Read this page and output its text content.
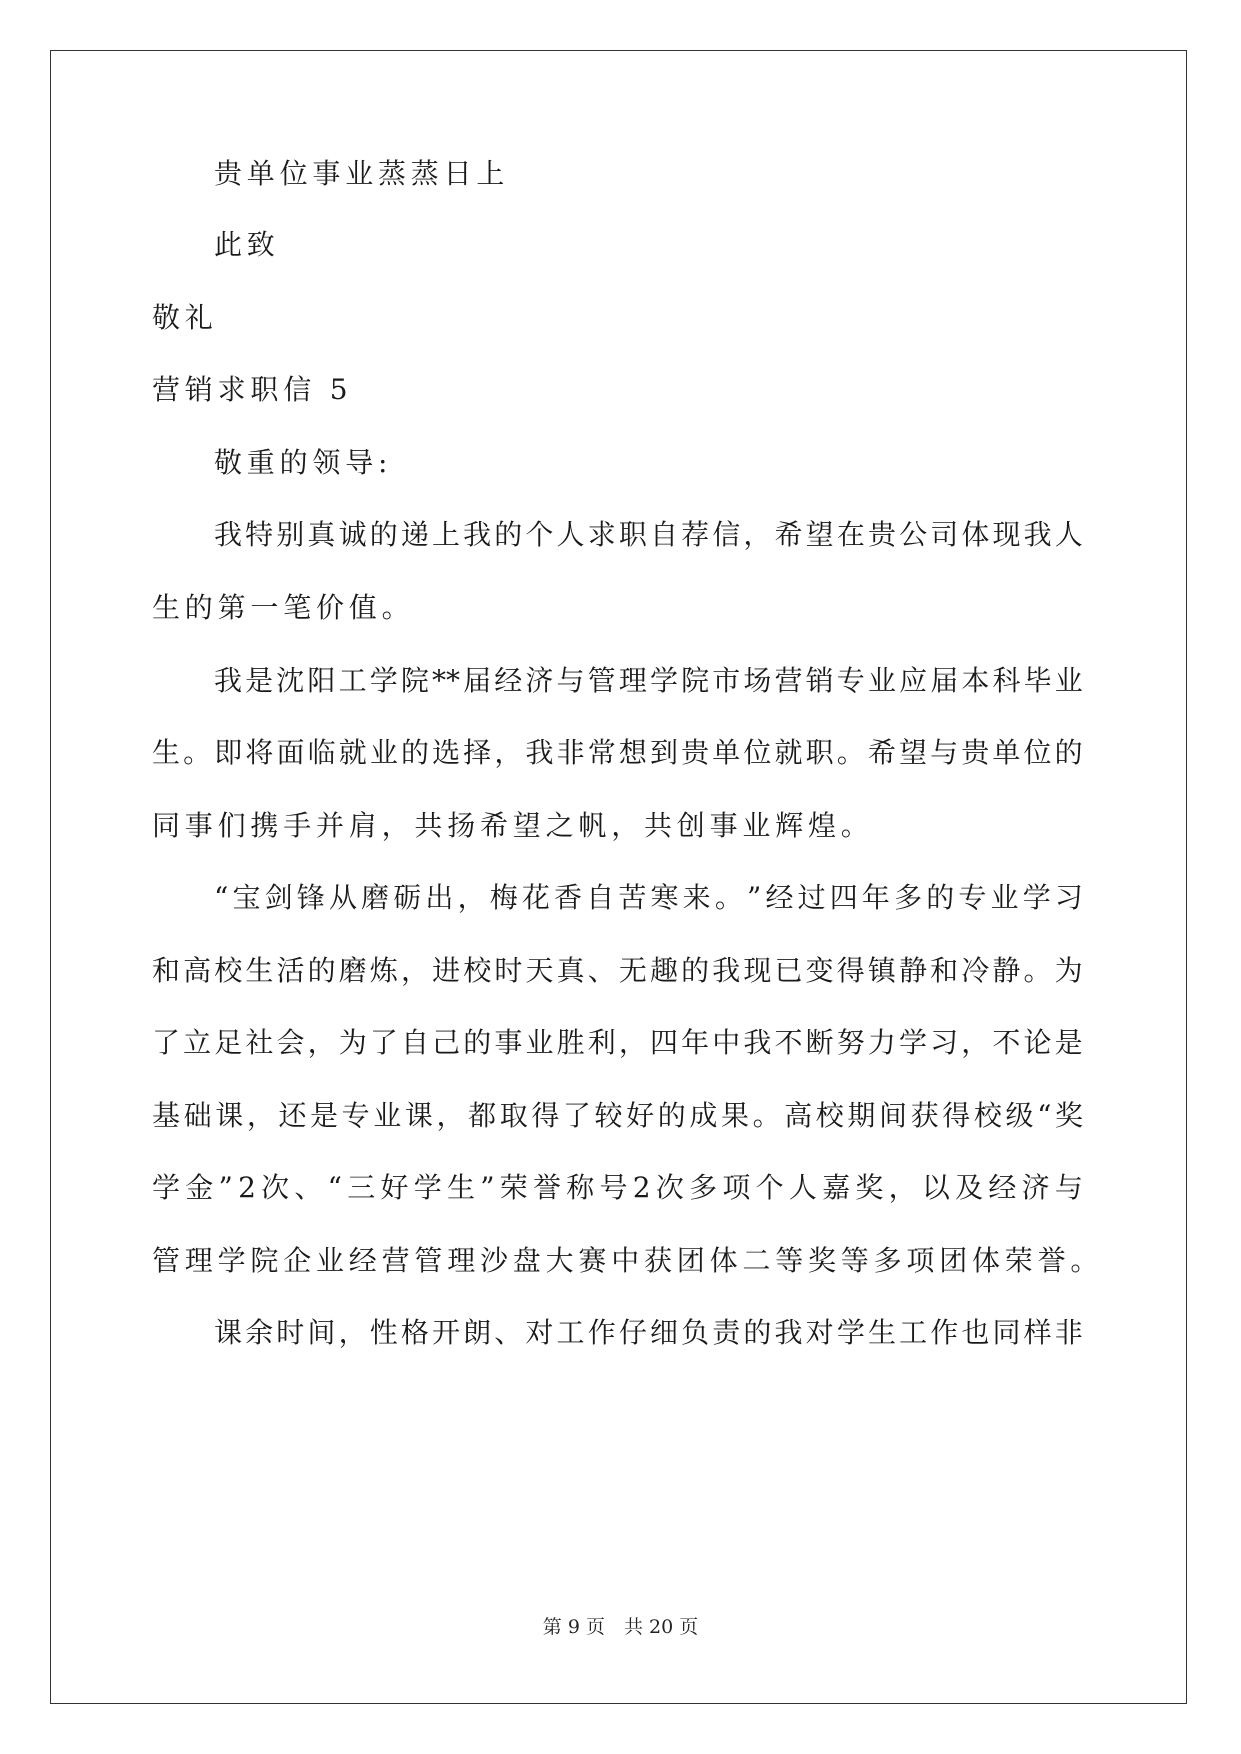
贵单位事业蒸蒸日上
此致
敬礼
营销求职信 5
敬重的领导:
我 特 别 真 诚 的 递 上 我 的 个 人 求 职 自 荐 信 ， 希 望 在 贵 公 司 体 现 我 人
生的第一笔价值。
我 是 沈 阳 工 学 院 ** 届 经 济 与 管 理 学 院 市 场 营 销 专 业 应 届 本 科 毕 业
生 。 即 将 面 临 就 业 的 选 择 ， 我 非 常 想 到 贵 单 位 就 职 。 希 望 与 贵 单 位 的
同事们携手并肩，共扬希望之帆，共创事业辉煌。
“ 宝 剑 锋 从 磨 砺 出 ， 梅 花 香 自 苦 寒 来 。 ” 经 过 四 年 多 的 专 业 学 习
和 高 校 生 活 的 磨 炼 ， 进 校 时 天 真 、 无 趣 的 我 现 已 变 得 镇 静 和 冷 静 。 为
了 立 足 社 会 ， 为 了 自 己 的 事 业 胜 利 ， 四 年 中 我 不 断 努 力 学 习 ， 不 论 是
基 础 课 ， 还 是 专 业 课 ， 都 取 得 了 较 好 的 成 果 。 高 校 期 间 获 得 校 级 “ 奖
学 金 ” 2 次 、 “ 三 好 学 生 ” 荣 誉 称 号 2 次 多 项 个 人 嘉 奖 ， 以 及 经 济 与
管理学院企业经营管理沙盘大赛中获团体二等奖等多项团体荣誉。
课 余 时 间 ， 性 格 开 朗 、 对 工 作 仔 细 负 责 的 我 对 学 生 工 作 也 同 样 非
第 9 页　共 20 页
